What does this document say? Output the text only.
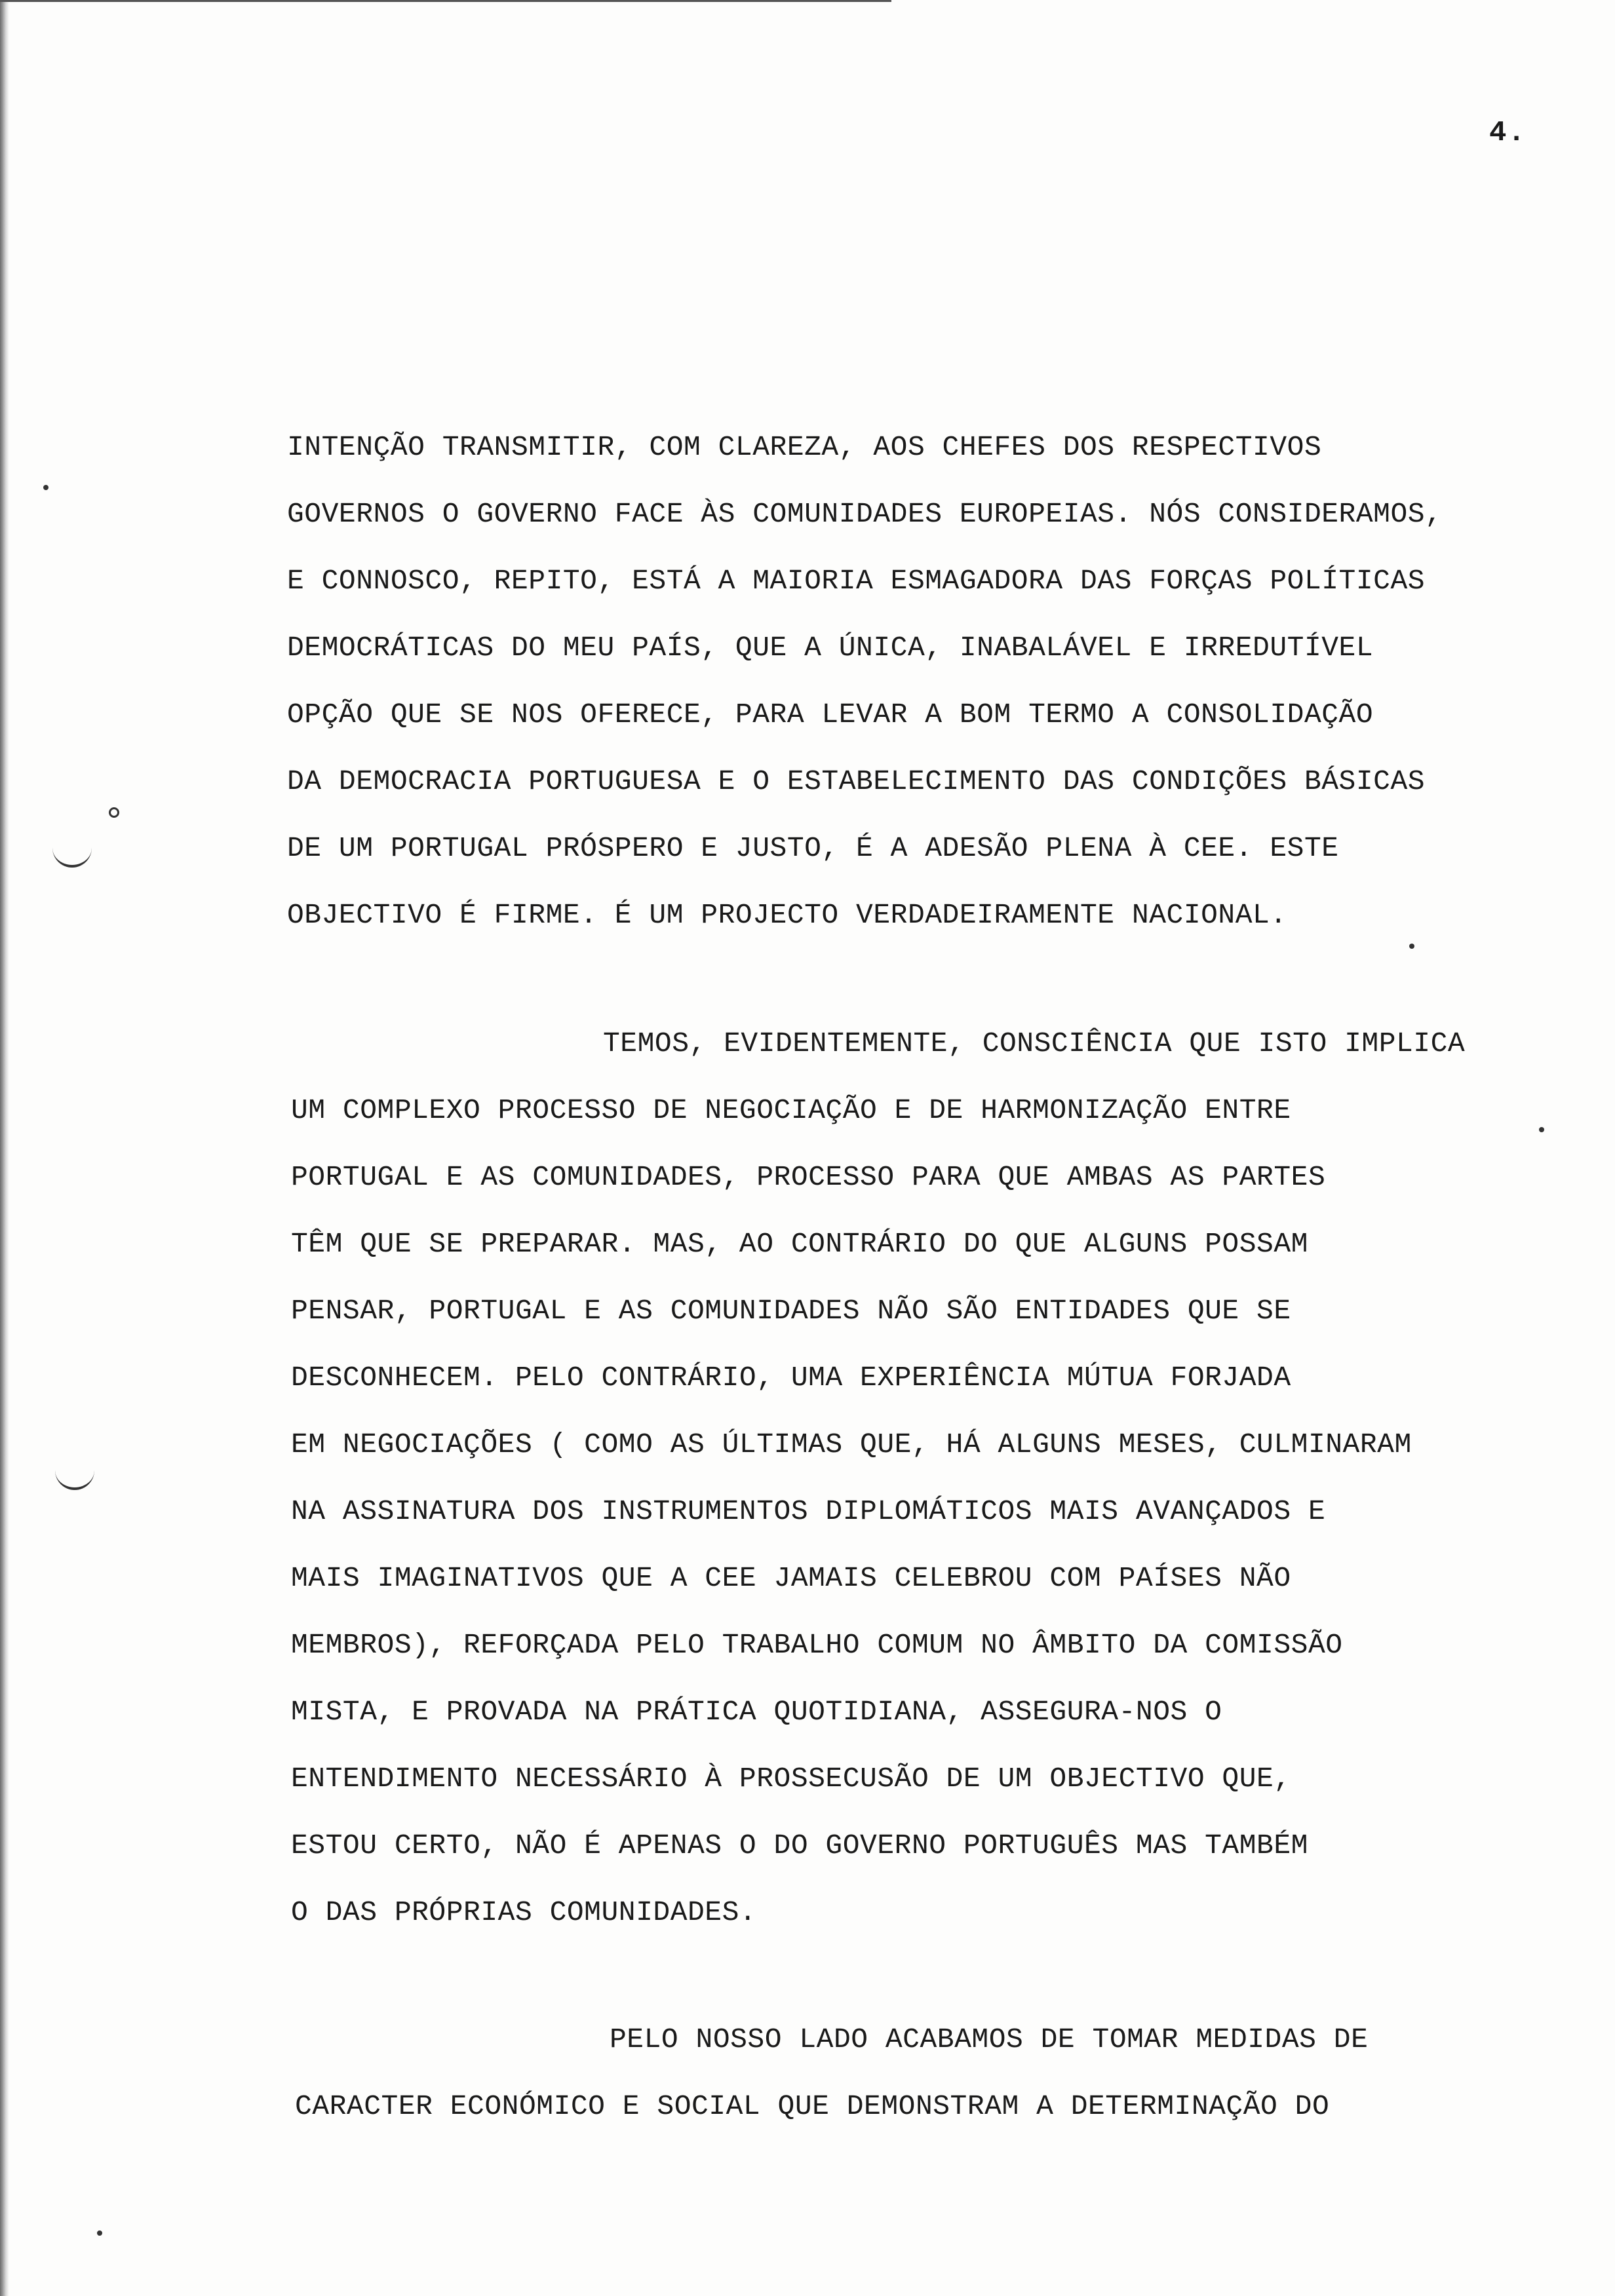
4.
INTENÇÃO TRANSMITIR, COM CLAREZA, AOS CHEFES DOS RESPECTIVOS
GOVERNOS O GOVERNO FACE ÀS COMUNIDADES EUROPEIAS. NÓS CONSIDERAMOS,
E CONNOSCO, REPITO, ESTÁ A MAIORIA ESMAGADORA DAS FORÇAS POLÍTICAS
DEMOCRÁTICAS DO MEU PAÍS, QUE A ÚNICA, INABALÁVEL E IRREDUTÍVEL
OPÇÃO QUE SE NOS OFERECE, PARA LEVAR A BOM TERMO A CONSOLIDAÇÃO
DA DEMOCRACIA PORTUGUESA E O ESTABELECIMENTO DAS CONDIÇÕES BÁSICAS
DE UM PORTUGAL PRÓSPERO E JUSTO, É A ADESÃO PLENA À CEE. ESTE
OBJECTIVO É FIRME. É UM PROJECTO VERDADEIRAMENTE NACIONAL.
TEMOS, EVIDENTEMENTE, CONSCIÊNCIA QUE ISTO IMPLICA
UM COMPLEXO PROCESSO DE NEGOCIAÇÃO E DE HARMONIZAÇÃO ENTRE
PORTUGAL E AS COMUNIDADES, PROCESSO PARA QUE AMBAS AS PARTES
TÊM QUE SE PREPARAR. MAS, AO CONTRÁRIO DO QUE ALGUNS POSSAM
PENSAR, PORTUGAL E AS COMUNIDADES NÃO SÃO ENTIDADES QUE SE
DESCONHECEM. PELO CONTRÁRIO, UMA EXPERIÊNCIA MÚTUA FORJADA
EM NEGOCIAÇÕES ( COMO AS ÚLTIMAS QUE, HÁ ALGUNS MESES, CULMINARAM
NA ASSINATURA DOS INSTRUMENTOS DIPLOMÁTICOS MAIS AVANÇADOS E
MAIS IMAGINATIVOS QUE A CEE JAMAIS CELEBROU COM PAÍSES NÃO
MEMBROS), REFORÇADA PELO TRABALHO COMUM NO ÂMBITO DA COMISSÃO
MISTA, E PROVADA NA PRÁTICA QUOTIDIANA, ASSEGURA-NOS O
ENTENDIMENTO NECESSÁRIO À PROSSECUSÃO DE UM OBJECTIVO QUE,
ESTOU CERTO, NÃO É APENAS O DO GOVERNO PORTUGUÊS MAS TAMBÉM
O DAS PRÓPRIAS COMUNIDADES.
PELO NOSSO LADO ACABAMOS DE TOMAR MEDIDAS DE
CARACTER ECONÓMICO E SOCIAL QUE DEMONSTRAM A DETERMINAÇÃO DO
